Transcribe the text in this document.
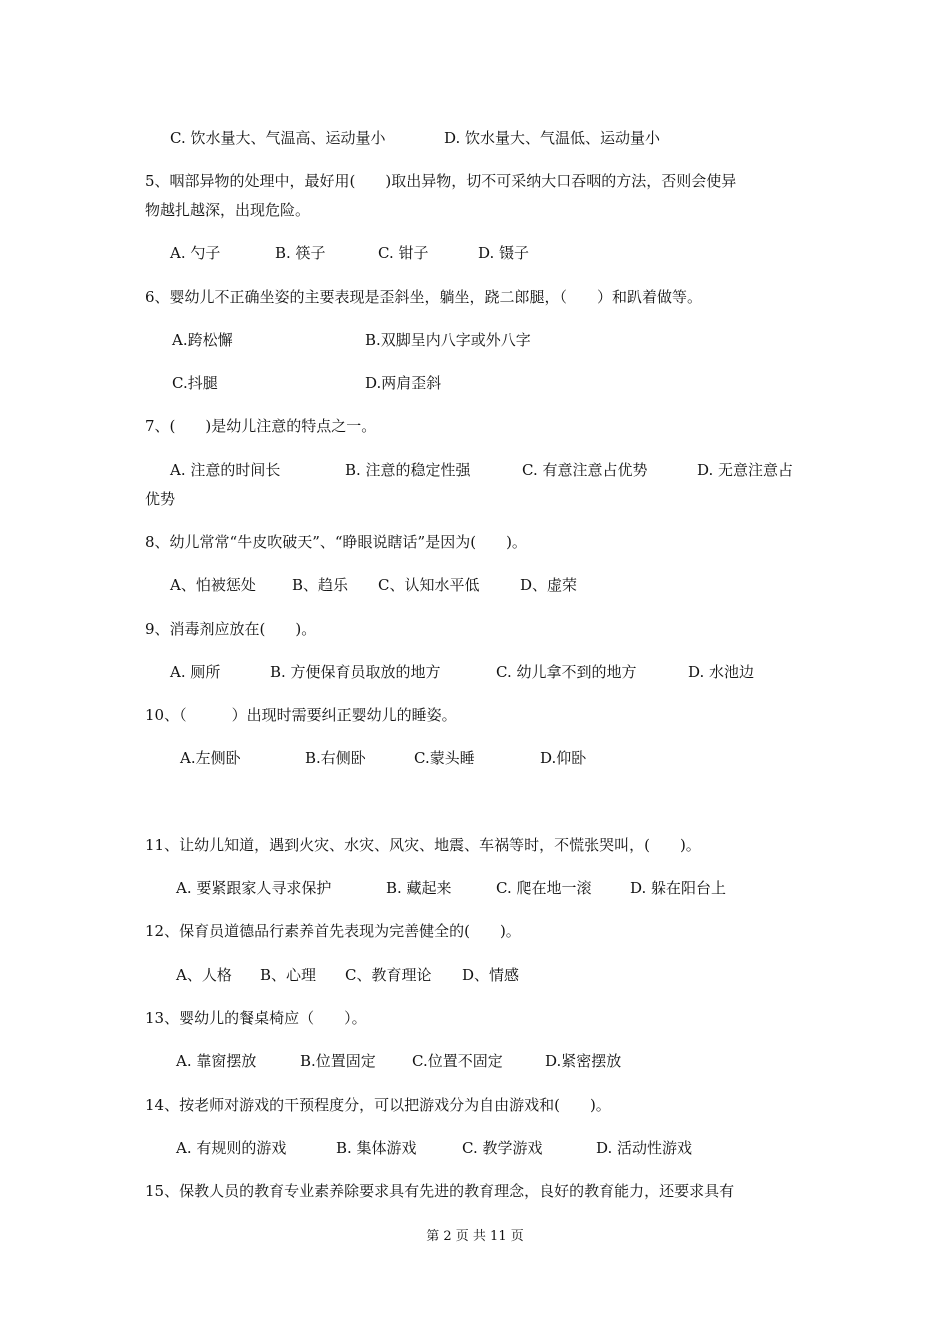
C. 饮水量大、气温高、运动量小	D. 饮水量大、气温低、运动量小
5、咽部异物的处理中，最好用(　　)取出异物，切不可采纳大口吞咽的方法，否则会使异
物越扎越深，出现危险。
A. 勺子	B. 筷子	C. 钳子	D. 镊子
6、婴幼儿不正确坐姿的主要表现是歪斜坐，躺坐，跷二郎腿，（　　）和趴着做等。
A.跨松懈	B.双脚呈内八字或外八字
C.抖腿	D.两肩歪斜
7、(　　)是幼儿注意的特点之一。
A. 注意的时间长	B. 注意的稳定性强	C. 有意注意占优势	D. 无意注意占
优势
8、幼儿常常“牛皮吹破天”、“睁眼说瞎话”是因为(　　)。
A、怕被惩处 B、趋乐 C、认知水平低	D、虚荣
9、消毒剂应放在(　　)。
A. 厕所	B. 方便保育员取放的地方	C. 幼儿拿不到的地方	D. 水池边
10、（　　　）出现时需要纠正婴幼儿的睡姿。
A.左侧卧	B.右侧卧	C.蒙头睡	D.仰卧
11、让幼儿知道，遇到火灾、水灾、风灾、地震、车祸等时，不慌张哭叫，(　　)。
A. 要紧跟家人寻求保护	B. 藏起来	C. 爬在地一滚	D. 躲在阳台上
12、保育员道德品行素养首先表现为完善健全的(　　)。
A、人格 B、心理 C、教育理论 D、情感
13、婴幼儿的餐桌椅应（　　）。
A. 靠窗摆放	B.位置固定 C.位置不固定	D.紧密摆放
14、按老师对游戏的干预程度分，可以把游戏分为自由游戏和(　　)。
A. 有规则的游戏	B. 集体游戏	C. 教学游戏	D. 活动性游戏
15、保教人员的教育专业素养除要求具有先进的教育理念，良好的教育能力，还要求具有
第 2 页 共 11 页
